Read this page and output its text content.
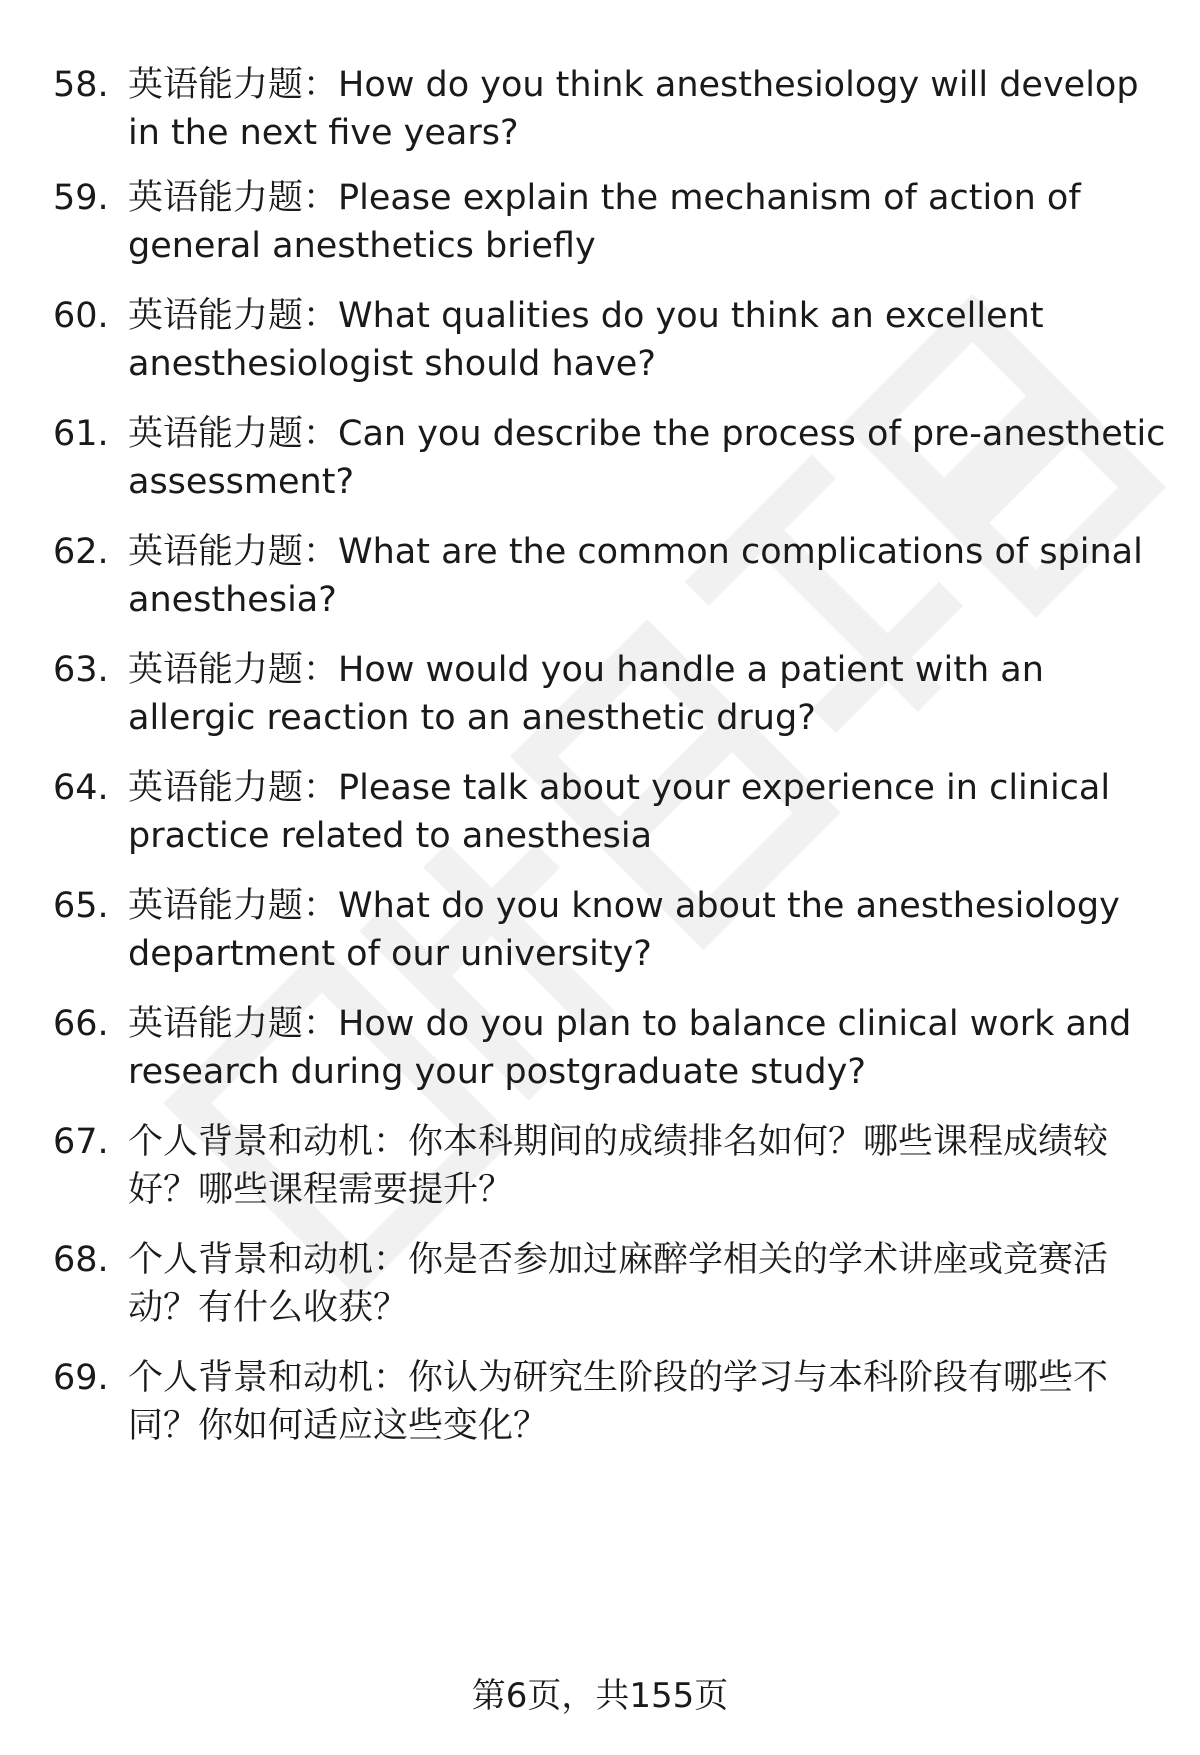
58. 英语能力题：How do you think anesthesiology will develop
in the next five years?
59. 英语能力题：Please explain the mechanism of action of
general anesthetics briefly
60. 英语能力题：What qualities do you think an excellent
anesthesiologist should have?
61. 英语能力题：Can you describe the process of pre-anesthetic
assessment?
62. 英语能力题：What are the common complications of spinal
anesthesia?
63. 英语能力题：How would you handle a patient with an
allergic reaction to an anesthetic drug?
64. 英语能力题：Please talk about your experience in clinical
practice related to anesthesia
65. 英语能力题：What do you know about the anesthesiology
department of our university?
66. 英语能力题：How do you plan to balance clinical work and
research during your postgraduate study?
67. 个人背景和动机：你本科期间的成绩排名如何？哪些课程成绩较
好？哪些课程需要提升？
68. 个人背景和动机：你是否参加过麻醉学相关的学术讲座或竞赛活
动？有什么收获？
69. 个人背景和动机：你认为研究生阶段的学习与本科阶段有哪些不
同？你如何适应这些变化？
第6页，共155页
